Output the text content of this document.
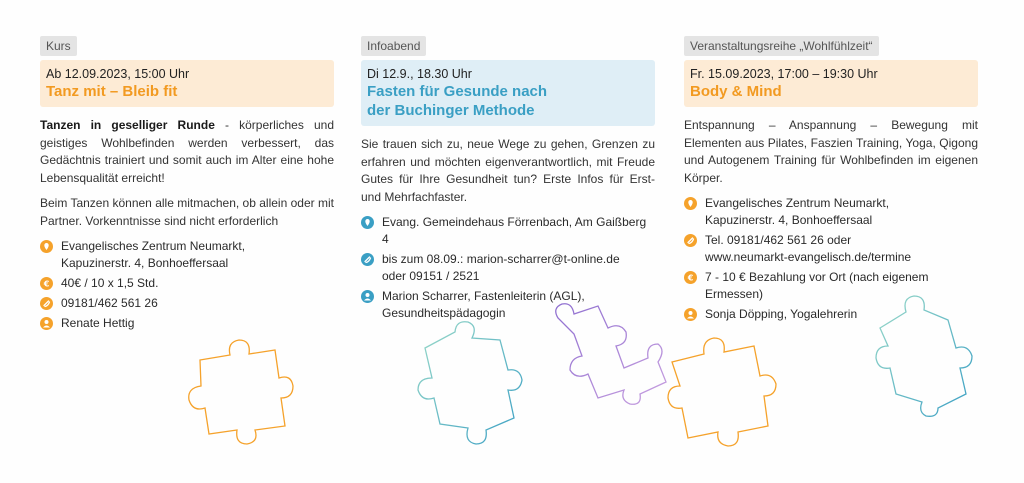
Kurs
Ab 12.09.2023, 15:00 Uhr
Tanz mit – Bleib fit

Tanzen in geselliger Runde - körperliches und geistiges Wohlbefinden werden verbessert, das Gedächtnis trainiert und somit auch im Alter eine hohe Lebensqualität erreicht!

Beim Tanzen können alle mitmachen, ob allein oder mit Partner. Vorkenntnisse sind nicht erforderlich

Evangelisches Zentrum Neumarkt,
Kapuzinerstr. 4, Bonhoeffersaal
€ 40€ / 10 x 1,5 Std.
09181/462 561 26
Renate Hettig
Infoabend
Di 12.9., 18.30 Uhr
Fasten für Gesunde nach der Buchinger Methode

Sie trauen sich zu, neue Wege zu gehen, Grenzen zu erfahren und möchten eigenverantwortlich, mit Freude Gutes für Ihre Gesundheit tun? Erste Infos für Erst- und Mehrfachfaster.

Evang. Gemeindehaus Förrenbach, Am Gaißberg 4
bis zum 08.09.: marion-scharrer@t-online.de
oder 09151 / 2521
Marion Scharrer, Fastenleiterin (AGL),
Gesundheitspädagogin
Veranstaltungsreihe „Wohlfühlzeit“
Fr. 15.09.2023, 17:00 – 19:30 Uhr
Body & Mind

Entspannung – Anspannung – Bewegung mit Elementen aus Pilates, Faszien Training, Yoga, Qigong und Autogenem Training für Wohlbefinden im eigenen Körper.

Evangelisches Zentrum Neumarkt,
Kapuzinerstr. 4, Bonhoeffersaal
Tel. 09181/462 561 26 oder
www.neumarkt-evangelisch.de/termine
€ 7 - 10 € Bezahlung vor Ort (nach eigenem Ermessen)
Sonja Döpping, Yogalehrerin
